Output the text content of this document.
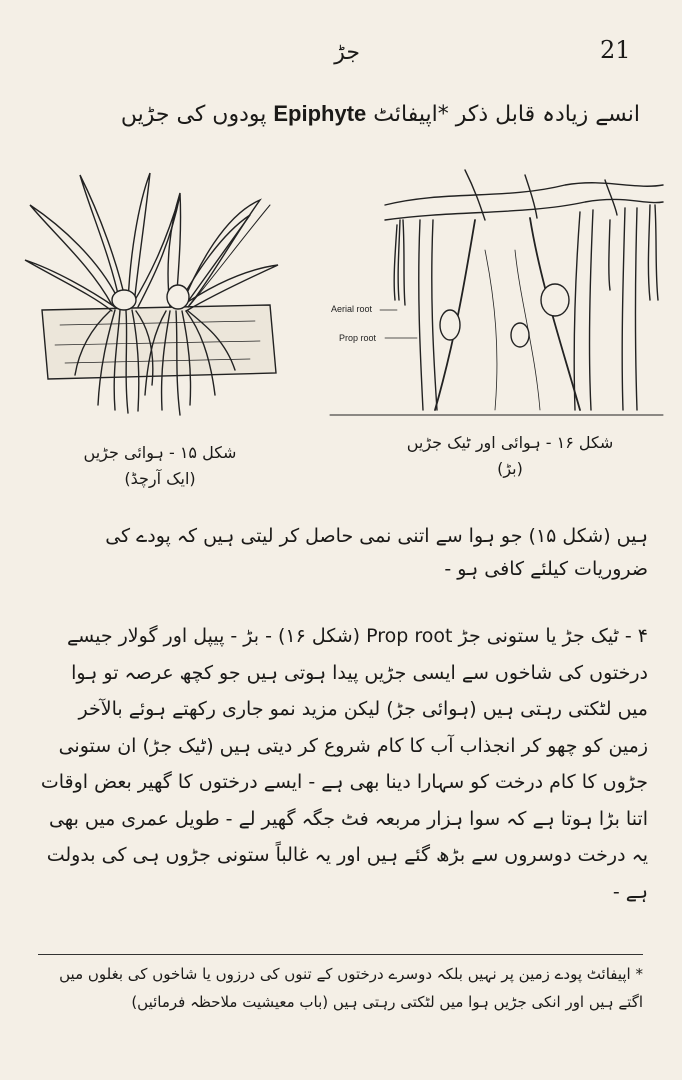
جڑ	21
انسے زیادہ قابل ذکر *اپیفائٹ Epiphyte پودوں کی جڑیں
Aerial root
Prop root
شکل ۱۵ - ہوائی جڑیں
(ایک آرچڈ)
شکل ۱۶ - ہوائی اور ٹیک جڑیں
(بڑ)
ہیں (شکل ۱۵) جو ہوا سے اتنی نمی حاصل کر لیتی ہیں کہ پودے کی ضروریات کیلئے کافی ہو -
۴ - ٹیک جڑ یا ستونی جڑ Prop root (شکل ۱۶) - بڑ - پیپل اور گولار جیسے درختوں کی شاخوں سے ایسی جڑیں پیدا ہوتی ہیں جو کچھ عرصہ تو ہوا میں لٹکتی رہتی ہیں (ہوائی جڑ) لیکن مزید نمو جاری رکھتے ہوئے بالآخر زمین کو چھو کر انجذاب آب کا کام شروع کر دیتی ہیں (ٹیک جڑ) ان ستونی جڑوں کا کام درخت کو سہارا دینا بھی ہے - ایسے درختوں کا گھیر بعض اوقات اتنا بڑا ہوتا ہے کہ سوا ہزار مربعہ فٹ جگہ گھیر لے - طویل عمری میں بھی یہ درخت دوسروں سے بڑھ گئے ہیں اور یہ غالباً ستونی جڑوں ہی کی بدولت ہے -
* اپیفائٹ پودے زمین پر نہیں بلکہ دوسرے درختوں کے تنوں کی درزوں یا شاخوں کی بغلوں میں اگتے ہیں اور انکی جڑیں ہوا میں لٹکتی رہتی ہیں (باب معیشیت ملاحظہ فرمائیں)
